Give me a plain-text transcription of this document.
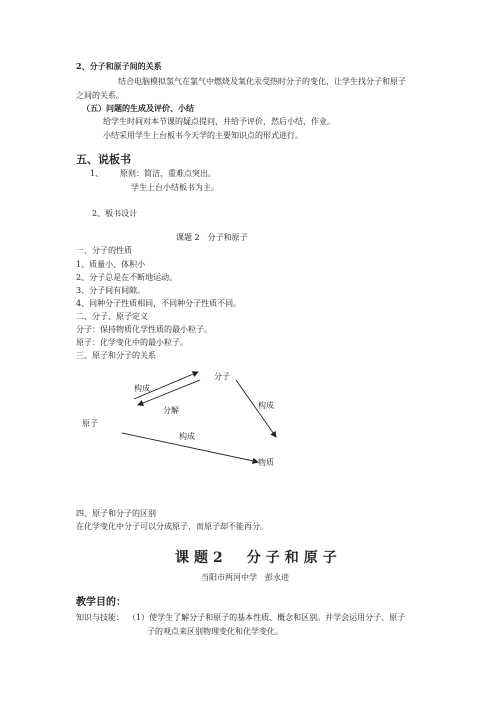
2、分子和原子间的关系
结合电脑模拟氢气在氯气中燃烧及氧化汞受热时分子的变化，让学生找分子和原子
之间的关系。
（五）问题的生成及评价、小结
给学生时间对本节课的疑点提问，并给予评价，然后小结，作业。
小结采用学生上台板书今天学的主要知识点的形式进行。
五、说板书
1、 原则：简洁，重难点突出。
学生上台小结板书为主。
2、板书设计
课题 2　分子和原子
一、分子的性质
1、质量小、体积小
2、分子总是在不断地运动。
3、分子间有间隙。
4、同种分子性质相同，不同种分子性质不同。
二、分子、原子定义
分子：保持物质化学性质的最小粒子。
原子：化学变化中的最小粒子。
三、原子和分子的关系
分子
构成
分解
构成
原子
构成
物质
四、原子和分子的区别
在化学变化中分子可以分成原子，而原子却不能再分。
课题2　分子和原子
当阳市两河中学　彭永进
教学目的：
知识与技能： （1）使学生了解分子和原子的基本性质、概念和区别。并学会运用分子、原子
子的观点来区别物理变化和化学变化。
